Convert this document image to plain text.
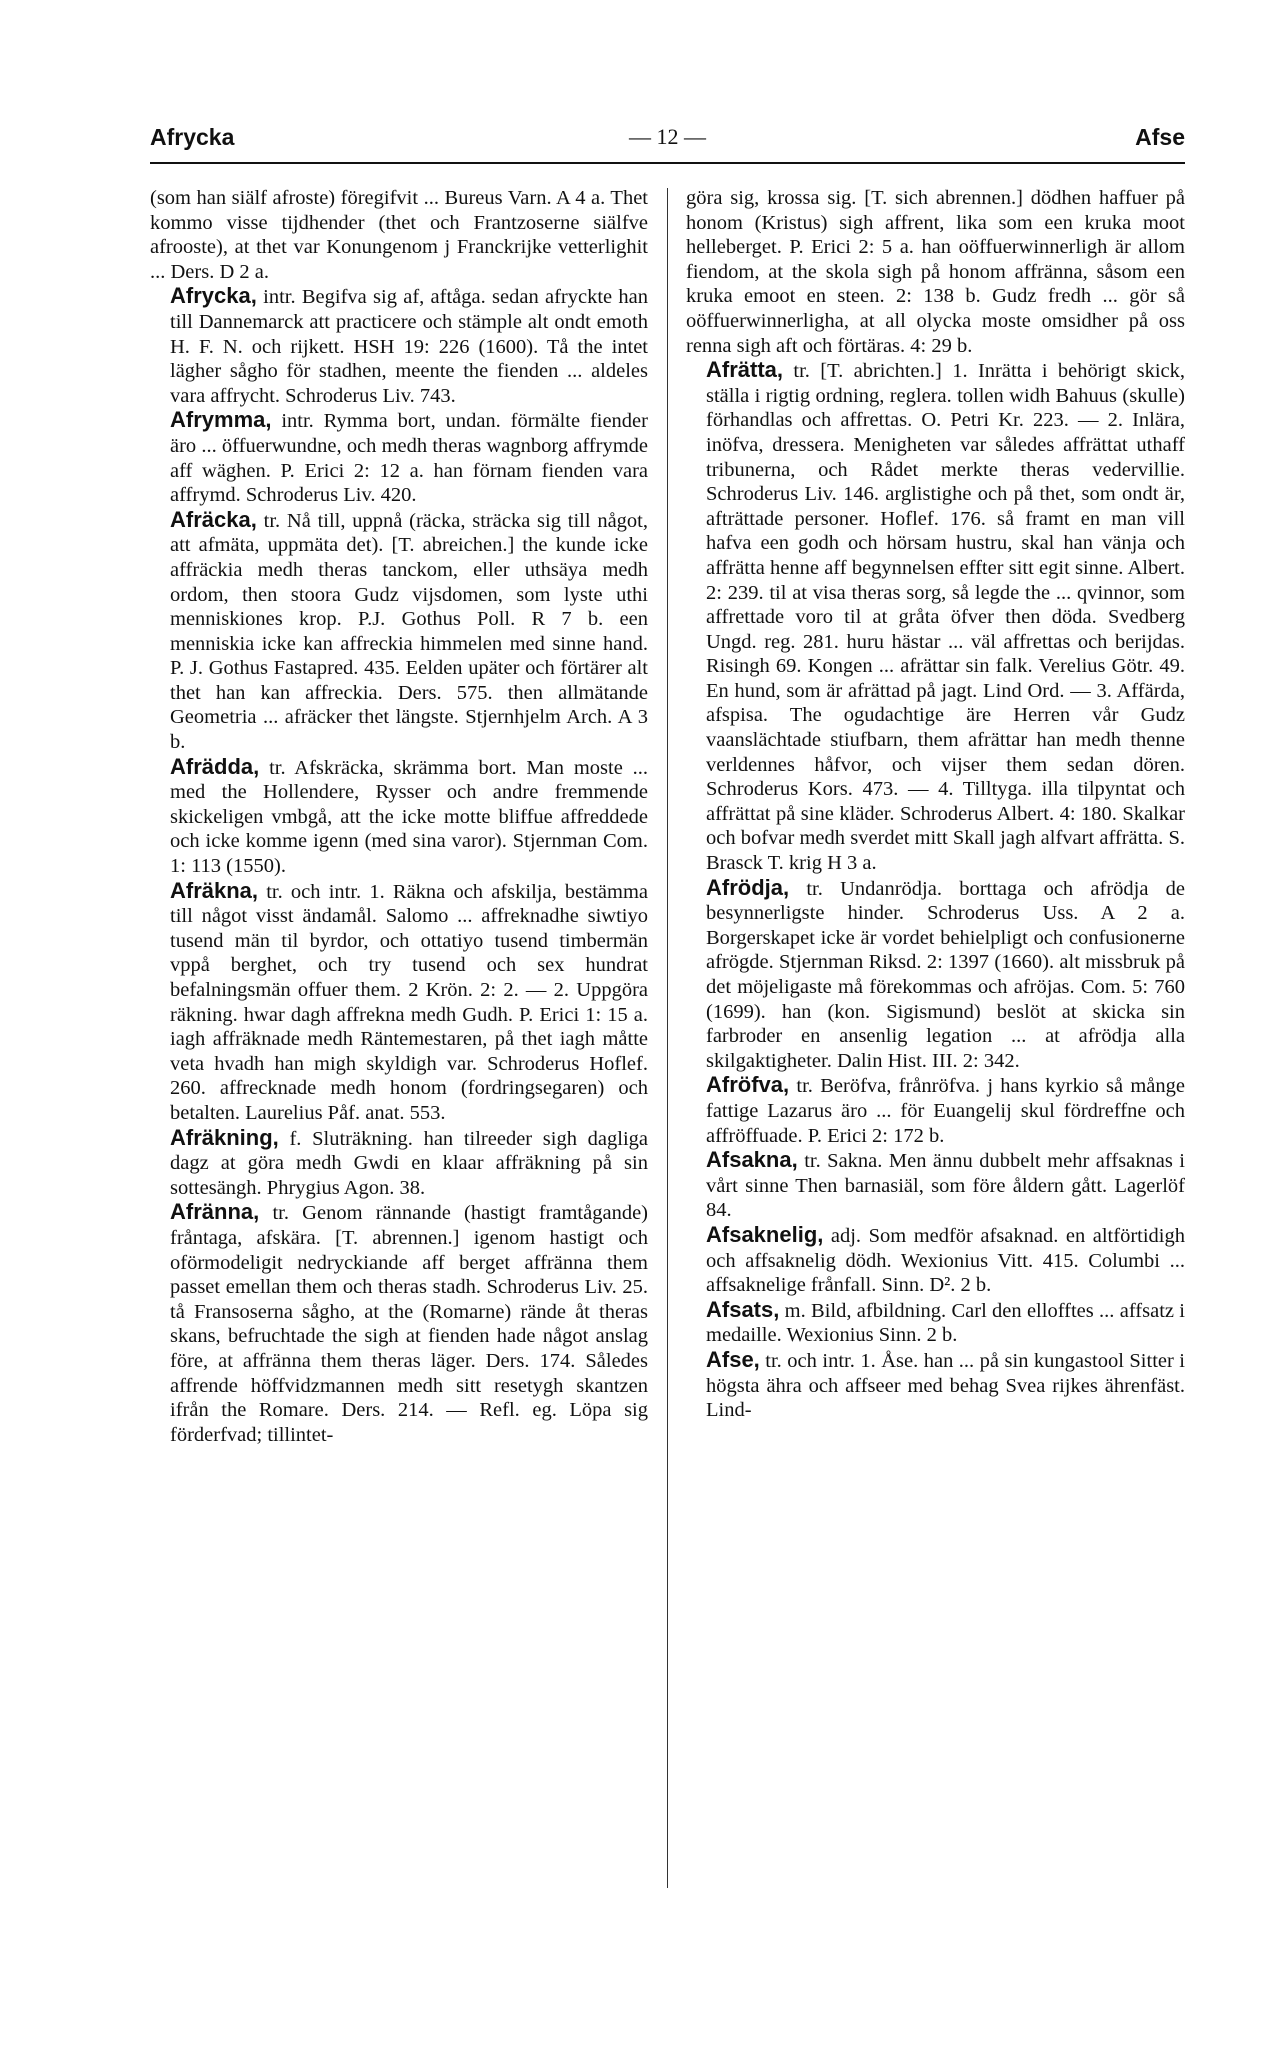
Afrycka	— 12 —	Afse

(som han siälf afroste) föregifvit ... Bureus Varn. A 4 a. Thet kommo visse tijdhender (thet och Frantzoserne siälfve afrooste), at thet var Konungenom j Franckrijke vetterlighit ... Ders. D 2 a.

Afrycka, intr. Begifva sig af, aftåga. sedan afryckte han till Dannemarck att practicere och stämple alt ondt emoth H. F. N. och rijkett. HSH 19: 226 (1600). Tå the intet lägher sågho för stadhen, meente the fienden ... aldeles vara affrycht. Schroderus Liv. 743.

Afrymma, intr. Rymma bort, undan. förmälte fiender äro ... öffuerwundne, och medh theras wagnborg affrymde aff wäghen. P. Erici 2: 12 a. han förnam fienden vara affrymd. Schroderus Liv. 420.

Afräcka, tr. Nå till, uppnå (räcka, sträcka sig till något, att afmäta, uppmäta det). [T. abreichen.] the kunde icke affräckia medh theras tanckom, eller uthsäya medh ordom, then stoora Gudz vijsdomen, som lyste uthi menniskiones krop. P.J. Gothus Poll. R 7 b. een menniskia icke kan affreckia himmelen med sinne hand. P. J. Gothus Fastapred. 435. Eelden upäter och förtärer alt thet han kan affreckia. Ders. 575. then allmätande Geometria ... afräcker thet längste. Stjernhjelm Arch. A 3 b.

Afrädda, tr. Afskräcka, skrämma bort. Man moste ... med the Hollendere, Rysser och andre fremmende skickeligen vmbgå, att the icke motte bliffue affreddede och icke komme igenn (med sina varor). Stjernman Com. 1: 113 (1550).

Afräkna, tr. och intr. 1. Räkna och afskilja, bestämma till något visst ändamål. Salomo ... affreknadhe siwtiyo tusend män til byrdor, och ottatiyo tusend timbermän vppå berghet, och try tusend och sex hundrat befalningsmän offuer them. 2 Krön. 2: 2. — 2. Uppgöra räkning. hwar dagh affrekna medh Gudh. P. Erici 1: 15 a. iagh affräknade medh Räntemestaren, på thet iagh måtte veta hvadh han migh skyldigh var. Schroderus Hoflef. 260. affrecknade medh honom (fordringsegaren) och betalten. Laurelius Påf. anat. 553.

Afräkning, f. Sluträkning. han tilreeder sigh dagliga dagz at göra medh Gwdi en klaar affräkning på sin sottesängh. Phrygius Agon. 38.

Afränna, tr. Genom rännande (hastigt framtågande) fråntaga, afskära. [T. abrennen.] igenom hastigt och oförmodeligit nedryckiande aff berget affränna them passet emellan them och theras stadh. Schroderus Liv. 25. tå Fransoserna sågho, at the (Romarne) rände åt theras skans, befruchtade the sigh at fienden hade något anslag före, at affränna them theras läger. Ders. 174. Således affrende höffvidzmannen medh sitt resetygh skantzen ifrån the Romare. Ders. 214. — Refl. eg. Löpa sig förderfvad; tillintet-

göra sig, krossa sig. [T. sich abrennen.] dödhen haffuer på honom (Kristus) sigh affrent, lika som een kruka moot helleberget. P. Erici 2: 5 a. han oöffuerwinnerligh är allom fiendom, at the skola sigh på honom affränna, såsom een kruka emoot en steen. 2: 138 b. Gudz fredh ... gör så oöffuerwinnerligha, at all olycka moste omsidher på oss renna sigh aft och förtäras. 4: 29 b.

Afrätta, tr. [T. abrichten.] 1. Inrätta i behörigt skick, ställa i rigtig ordning, reglera. tollen widh Bahuus (skulle) förhandlas och affrettas. O. Petri Kr. 223. — 2. Inlära, inöfva, dressera. Menigheten var således affrättat uthaff tribunerna, och Rådet merkte theras vedervillie. Schroderus Liv. 146. arglistighe och på thet, som ondt är, afträttade personer. Hoflef. 176. så framt en man vill hafva een godh och hörsam hustru, skal han vänja och affrätta henne aff begynnelsen effter sitt egit sinne. Albert. 2: 239. til at visa theras sorg, så legde the ... qvinnor, som affrettade voro til at gråta öfver then döda. Svedberg Ungd. reg. 281. huru hästar ... väl affrettas och berijdas. Risingh 69. Kongen ... afrättar sin falk. Verelius Götr. 49. En hund, som är afrättad på jagt. Lind Ord. — 3. Affärda, afspisa. The ogudachtige äre Herren vår Gudz vaanslächtade stiufbarn, them afrättar han medh thenne verldennes håfvor, och vijser them sedan dören. Schroderus Kors. 473. — 4. Tilltyga. illa tilpyntat och affrättat på sine kläder. Schroderus Albert. 4: 180. Skalkar och bofvar medh sverdet mitt Skall jagh alfvart affrätta. S. Brasck T. krig H 3 a.

Afrödja, tr. Undanrödja. borttaga och afrödja de besynnerligste hinder. Schroderus Uss. A 2 a. Borgerskapet icke är vordet behielpligt och confusionerne afrögde. Stjernman Riksd. 2: 1397 (1660). alt missbruk på det möjeligaste må förekommas och afröjas. Com. 5: 760 (1699). han (kon. Sigismund) beslöt at skicka sin farbroder en ansenlig legation ... at afrödja alla skilgaktigheter. Dalin Hist. III. 2: 342.

Afröfva, tr. Beröfva, frånröfva. j hans kyrkio så månge fattige Lazarus äro ... för Euangelij skul fördreffne och affröffuade. P. Erici 2: 172 b.

Afsakna, tr. Sakna. Men ännu dubbelt mehr affsaknas i vårt sinne Then barnasiäl, som före åldern gått. Lagerlöf 84.

Afsaknelig, adj. Som medför afsaknad. en altförtidigh och affsaknelig dödh. Wexionius Vitt. 415. Columbi ... affsaknelige frånfall. Sinn. D². 2 b.

Afsats, m. Bild, afbildning. Carl den ellofftes ... affsatz i medaille. Wexionius Sinn. 2 b.

Afse, tr. och intr. 1. Åse. han ... på sin kungastool Sitter i högsta ähra och affseer med behag Svea rijkes ährenfäst. Lind-
